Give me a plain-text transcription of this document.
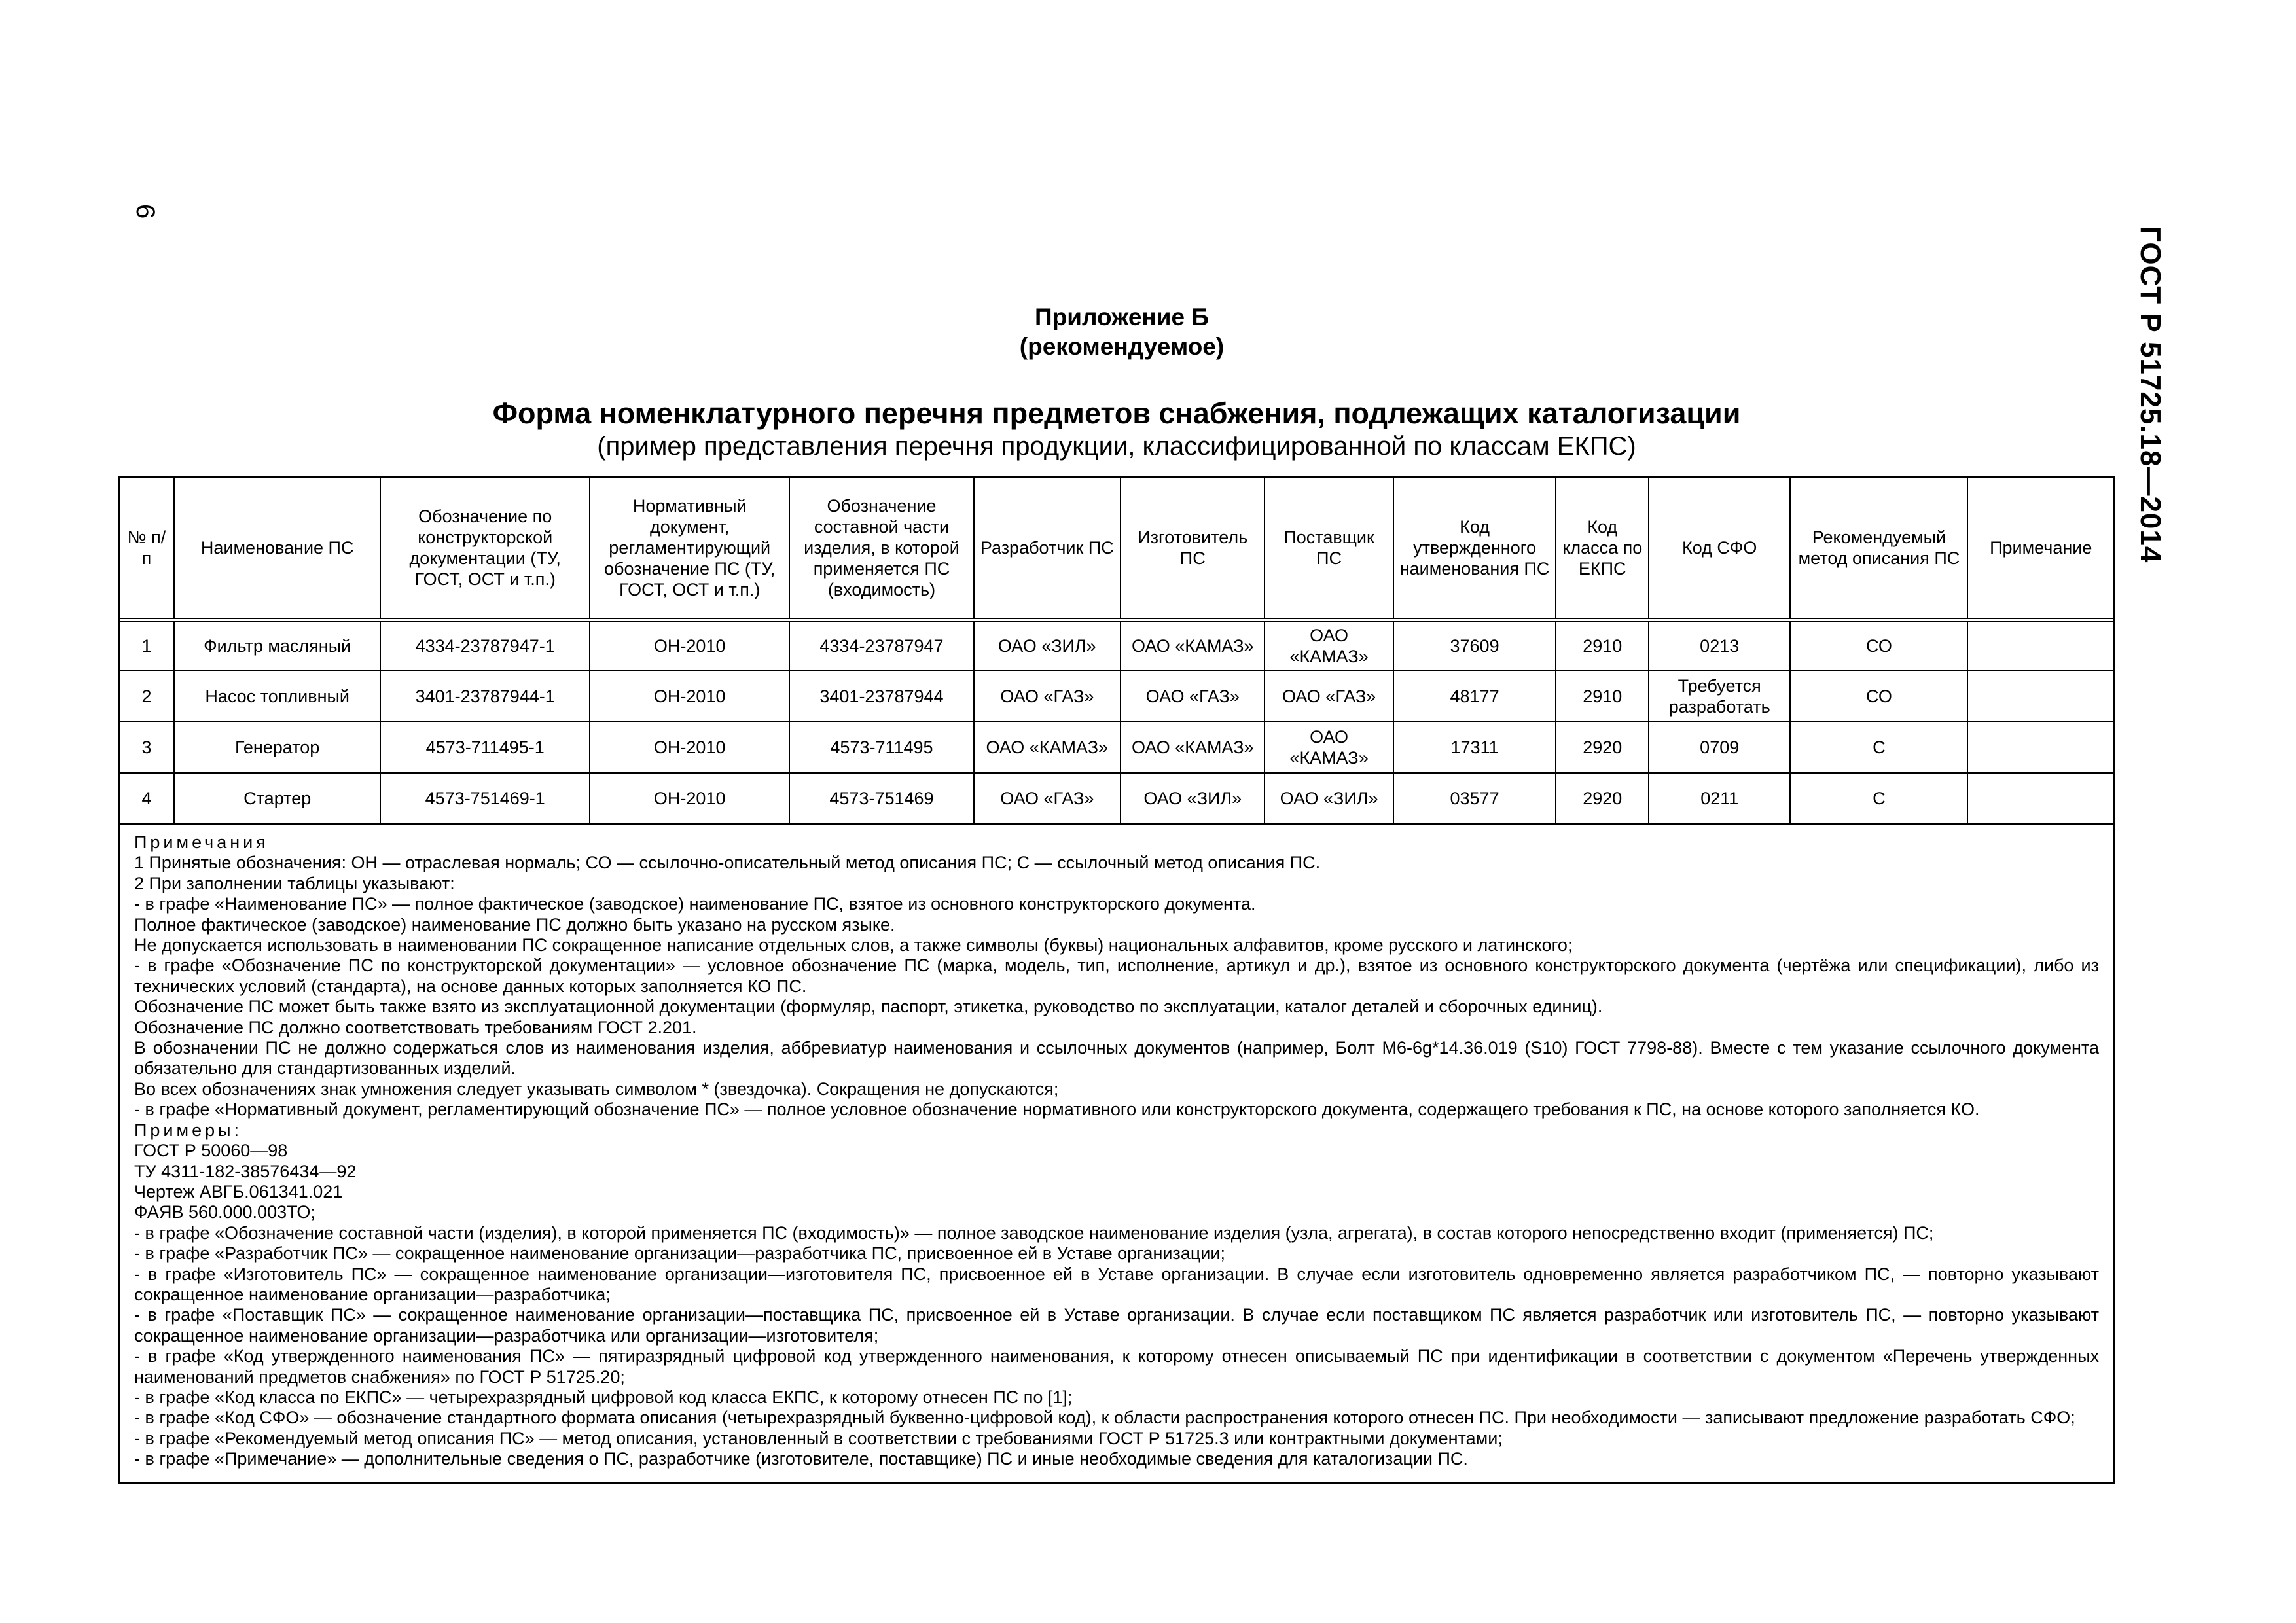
6
ГОСТ Р 51725.18—2014
Приложение Б
(рекомендуемое)
Форма номенклатурного перечня предметов снабжения, подлежащих каталогизации
(пример представления перечня продукции, классифицированной по классам ЕКПС)
№ п/п	Наименование ПС	Обозначение по конструкторской документации (ТУ, ГОСТ, ОСТ и т.п.)	Нормативный документ, регламентирующий обозначение ПС (ТУ, ГОСТ, ОСТ и т.п.)	Обозначение составной части изделия, в которой применяется ПС (входимость)	Разработчик ПС	Изготовитель ПС	Поставщик ПС	Код утвержденного наименования ПС	Код класса по ЕКПС	Код СФО	Рекомендуемый метод описания ПС	Примечание
1	Фильтр масляный	4334-23787947-1	ОН-2010	4334-23787947	ОАО «ЗИЛ»	ОАО «КАМАЗ»	ОАО «КАМАЗ»	37609	2910	0213	СО	
2	Насос топливный	3401-23787944-1	ОН-2010	3401-23787944	ОАО «ГАЗ»	ОАО «ГАЗ»	ОАО «ГАЗ»	48177	2910	Требуется разработать	СО	
3	Генератор	4573-711495-1	ОН-2010	4573-711495	ОАО «КАМАЗ»	ОАО «КАМАЗ»	ОАО «КАМАЗ»	17311	2920	0709	С	
4	Стартер	4573-751469-1	ОН-2010	4573-751469	ОАО «ГАЗ»	ОАО «ЗИЛ»	ОАО «ЗИЛ»	03577	2920	0211	С	

Примечания

1 Принятые обозначения: ОН — отраслевая нормаль; СО — ссылочно-описательный метод описания ПС; С — ссылочный метод описания ПС.

2 При заполнении таблицы указывают:

- в графе «Наименование ПС» — полное фактическое (заводское) наименование ПС, взятое из основного конструкторского документа.

Полное фактическое (заводское) наименование ПС должно быть указано на русском языке.

Не допускается использовать в наименовании ПС сокращенное написание отдельных слов, а также символы (буквы) национальных алфавитов, кроме русского и латинского;

- в графе «Обозначение ПС по конструкторской документации» — условное обозначение ПС (марка, модель, тип, исполнение, артикул и др.), взятое из основного конструкторского документа (чертёжа или спецификации), либо из технических условий (стандарта), на основе данных которых заполняется КО ПС.

Обозначение ПС может быть также взято из эксплуатационной документации (формуляр, паспорт, этикетка, руководство по эксплуатации, каталог деталей и сборочных единиц).

Обозначение ПС должно соответствовать требованиям ГОСТ 2.201.

В обозначении ПС не должно содержаться слов из наименования изделия, аббревиатур наименования и ссылочных документов (например, Болт М6-6g*14.36.019 (S10) ГОСТ 7798-88). Вместе с тем указание ссылочного документа обязательно для стандартизованных изделий.

Во всех обозначениях знак умножения следует указывать символом * (звездочка). Сокращения не допускаются;

- в графе «Нормативный документ, регламентирующий обозначение ПС» — полное условное обозначение нормативного или конструкторского документа, содержащего требования к ПС, на основе которого заполняется КО.

Примеры:

ГОСТ Р 50060—98

ТУ 4311-182-38576434—92

Чертеж АВГБ.061341.021

ФАЯВ 560.000.003ТО;

- в графе «Обозначение составной части (изделия), в которой применяется ПС (входимость)» — полное заводское наименование изделия (узла, агрегата), в состав которого непосредственно входит (применяется) ПС;

- в графе «Разработчик ПС» — сокращенное наименование организации—разработчика ПС, присвоенное ей в Уставе организации;

- в графе «Изготовитель ПС» — сокращенное наименование организации—изготовителя ПС, присвоенное ей в Уставе организации. В случае если изготовитель одновременно является разработчиком ПС, — повторно указывают сокращенное наименование организации—разработчика;

- в графе «Поставщик ПС» — сокращенное наименование организации—поставщика ПС, присвоенное ей в Уставе организации. В случае если поставщиком ПС является разработчик или изготовитель ПС, — повторно указывают сокращенное наименование организации—разработчика или организации—изготовителя;

- в графе «Код утвержденного наименования ПС» — пятиразрядный цифровой код утвержденного наименования, к которому отнесен описываемый ПС при идентификации в соответствии с документом «Перечень утвержденных наименований предметов снабжения» по ГОСТ Р 51725.20;

- в графе «Код класса по ЕКПС» — четырехразрядный цифровой код класса ЕКПС, к которому отнесен ПС по [1];

- в графе «Код СФО» — обозначение стандартного формата описания (четырехразрядный буквенно-цифровой код), к области распространения которого отнесен ПС. При необходимости — записывают предложение разработать СФО;

- в графе «Рекомендуемый метод описания ПС» — метод описания, установленный в соответствии с требованиями ГОСТ Р 51725.3 или контрактными документами;

- в графе «Примечание» — дополнительные сведения о ПС, разработчике (изготовителе, поставщике) ПС и иные необходимые сведения для каталогизации ПС.
